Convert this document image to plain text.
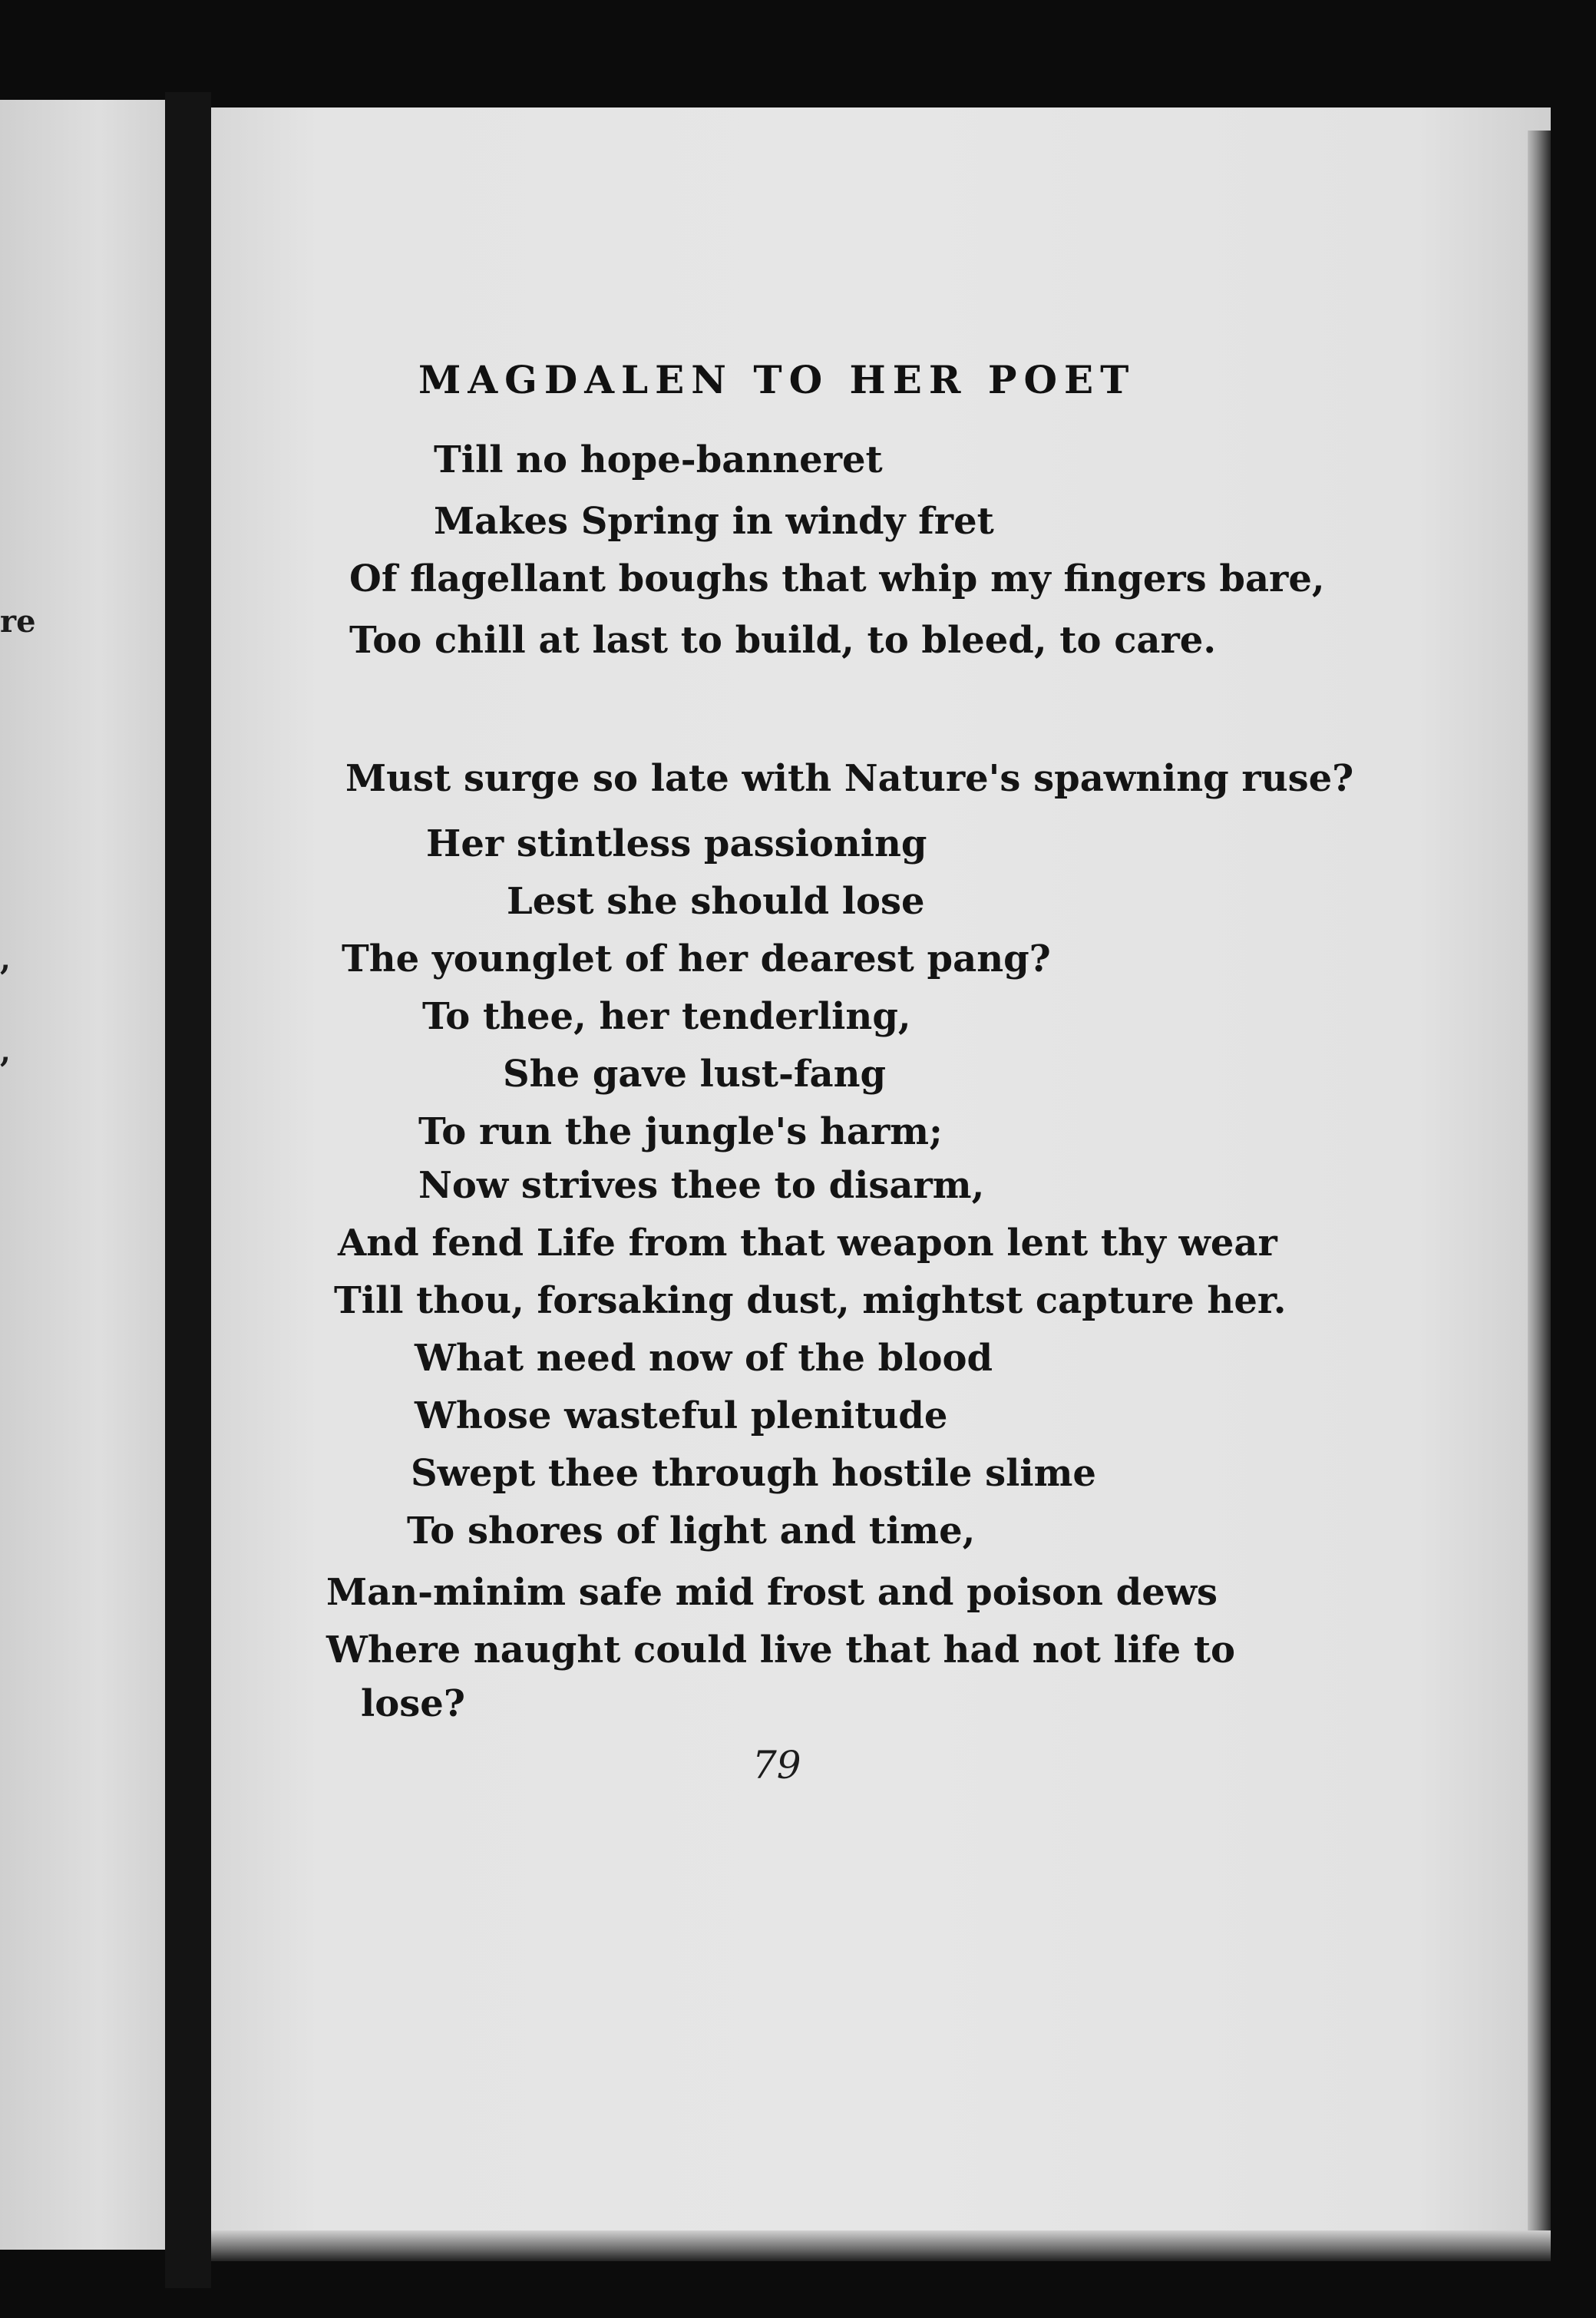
re
,
,
MAGDALEN TO HER POET
Till no hope-banneret
Makes Spring in windy fret
Of flagellant boughs that whip my fingers bare,
Too chill at last to build, to bleed, to care.
Must surge so late with Nature's spawning ruse?
Her stintless passioning
Lest she should lose
The younglet of her dearest pang?
To thee, her tenderling,
She gave lust-fang
To run the jungle's harm;
Now strives thee to disarm,
And fend Life from that weapon lent thy wear
Till thou, forsaking dust, mightst capture her.
What need now of the blood
Whose wasteful plenitude
Swept thee through hostile slime
To shores of light and time,
Man-minim safe mid frost and poison dews
Where naught could live that had not life to
lose?
79
